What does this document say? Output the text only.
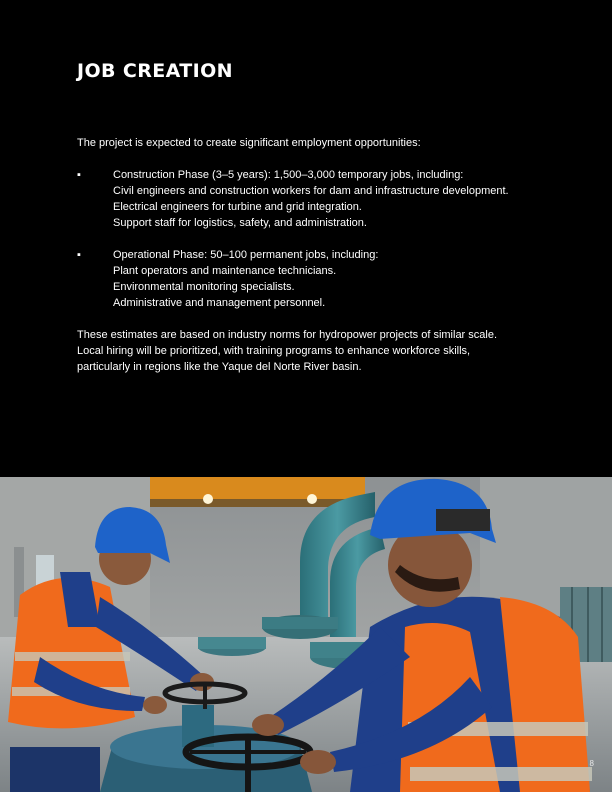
JOB CREATION

The project is expected to create significant employment opportunities:

▪	Construction Phase (3–5 years): 1,500–3,000 temporary jobs, including:
Civil engineers and construction workers for dam and infrastructure development.
Electrical engineers for turbine and grid integration.
Support staff for logistics, safety, and administration.
▪	Operational Phase: 50–100 permanent jobs, including:
Plant operators and maintenance technicians.
Environmental monitoring specialists.
Administrative and management personnel.

These estimates are based on industry norms for hydropower projects of similar scale.
Local hiring will be prioritized, with training programs to enhance workforce skills,
particularly in regions like the Yaque del Norte River basin.

8
